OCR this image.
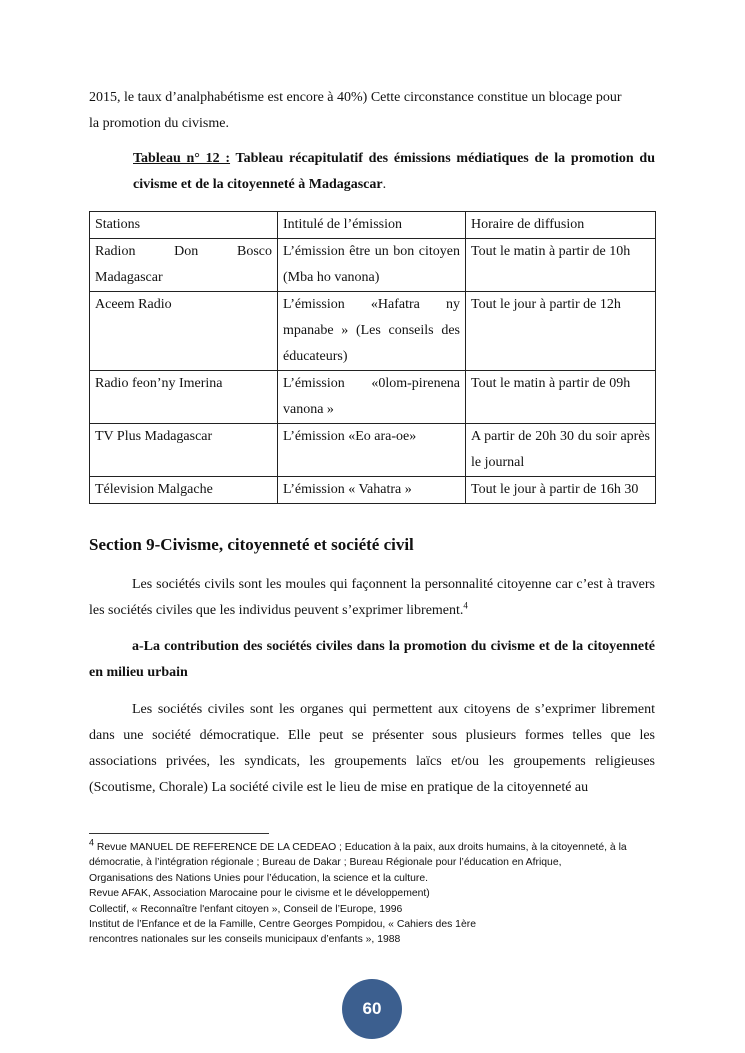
2015, le taux d’analphabétisme est encore à 40%) Cette circonstance constitue un blocage pour
la promotion du civisme.

Tableau n° 12 : Tableau récapitulatif des émissions médiatiques de la promotion du civisme et de la citoyenneté à Madagascar.

Stations	Intitulé de l’émission	Horaire de diffusion
Radion Don Bosco Madagascar	L’émission être un bon citoyen (Mba ho vanona)	Tout le matin à partir de 10h
Aceem Radio	L’émission «Hafatra ny mpanabe » (Les conseils des éducateurs)	Tout le jour à partir de 12h
Radio feon’ny Imerina	L’émission «0lom-pirenena vanona »	Tout le matin à partir de 09h
TV Plus Madagascar	L’émission «Eo ara-oe»	A partir de 20h 30 du soir après le journal
Télevision Malgache	L’émission « Vahatra »	Tout le jour à partir de 16h 30
Section 9-Civisme, citoyenneté et société civil

Les sociétés civils sont les moules qui façonnent la personnalité citoyenne car c’est à travers les sociétés civiles que les individus peuvent s’exprimer librement.$^4$

a-La contribution des sociétés civiles dans la promotion du civisme et de la citoyenneté en milieu urbain

Les sociétés civiles sont les organes qui permettent aux citoyens de s’exprimer librement dans une société démocratique. Elle peut se présenter sous plusieurs formes telles que les associations privées, les syndicats, les groupements laïcs et/ou les groupements religieuses (Scoutisme, Chorale) La société civile est le lieu de mise en pratique de la citoyenneté au

$^4$ Revue MANUEL DE REFERENCE DE LA CEDEAO ; Education à la paix, aux droits humains, à la citoyenneté, à la
démocratie, à l’intégration régionale ; Bureau de Dakar ; Bureau Régionale pour l’éducation en Afrique,
Organisations des Nations Unies pour l’éducation, la science et la culture.
Revue AFAK, Association Marocaine pour le civisme et le développement)
Collectif, « Reconnaître l'enfant citoyen », Conseil de l’Europe, 1996
Institut de l’Enfance et de la Famille, Centre Georges Pompidou, « Cahiers des 1ère
rencontres nationales sur les conseils municipaux d’enfants », 1988
60
